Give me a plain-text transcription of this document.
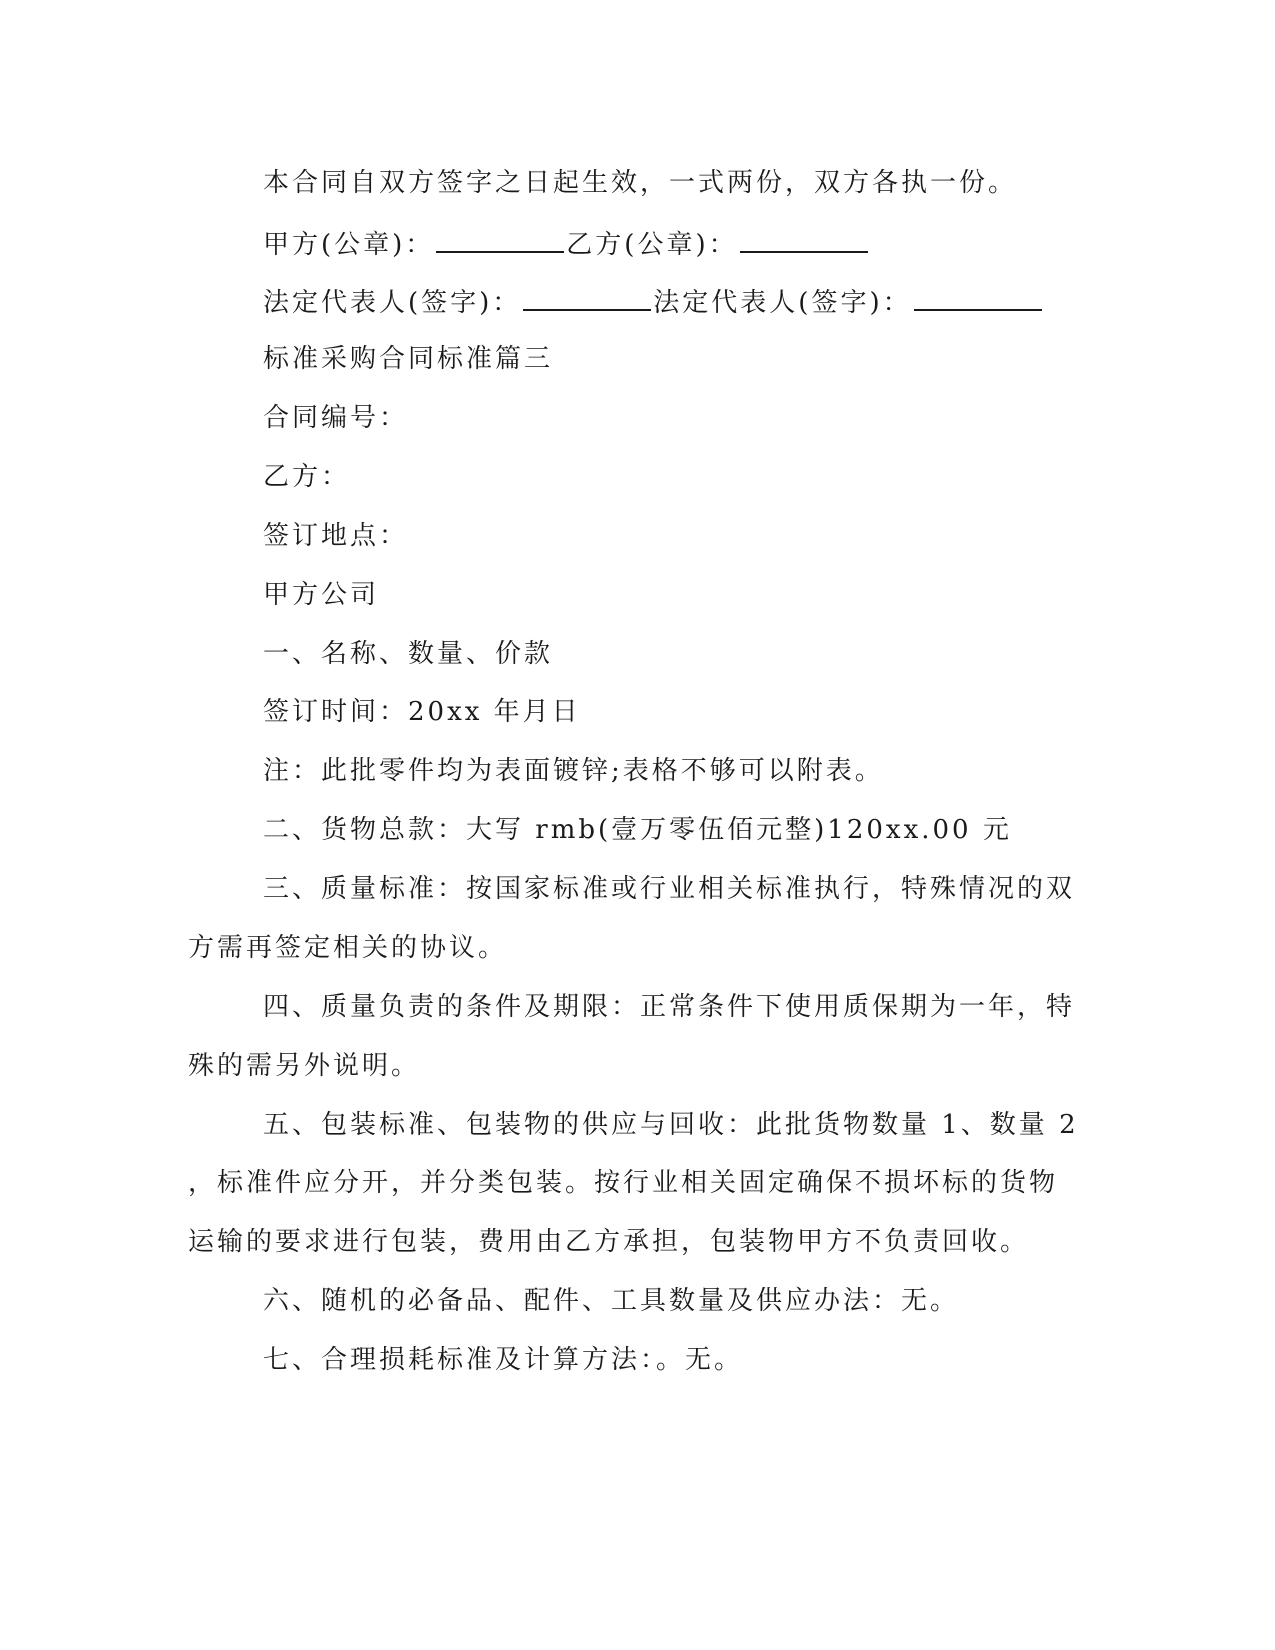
本合同自双方签字之日起生效，一式两份，双方各执一份。
甲方(公章)：	乙方(公章)：
法定代表人(签字)：	法定代表人(签字)：
标准采购合同标准篇三
合同编号：
乙方：
签订地点：
甲方公司
一、名称、数量、价款
签订时间：20xx 年月日
注：此批零件均为表面镀锌;表格不够可以附表。
二、货物总款：大写 rmb(壹万零伍佰元整)120xx.00 元
三、质量标准：按国家标准或行业相关标准执行，特殊情况的双
方需再签定相关的协议。
四、质量负责的条件及期限：正常条件下使用质保期为一年，特
殊的需另外说明。
五、包装标准、包装物的供应与回收：此批货物数量 1、数量 2
，标准件应分开，并分类包装。按行业相关固定确保不损坏标的货物
运输的要求进行包装，费用由乙方承担，包装物甲方不负责回收。
六、随机的必备品、配件、工具数量及供应办法：无。
七、合理损耗标准及计算方法：。无。
